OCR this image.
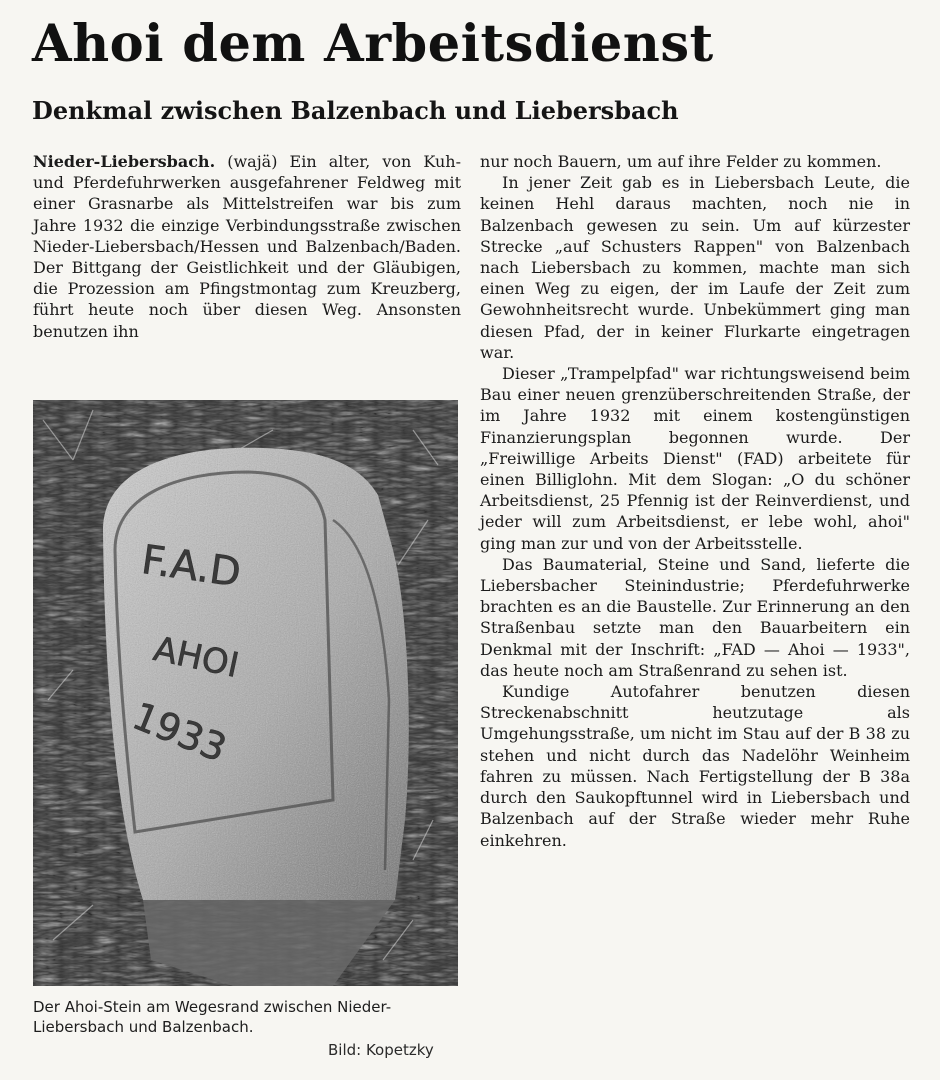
Ahoi dem Arbeitsdienst
Denkmal zwischen Balzenbach und Liebersbach

Nieder-Liebersbach. (wajä) Ein alter, von Kuh- und Pferdefuhrwerken ausgefahrener Feldweg mit einer Grasnarbe als Mittelstreifen war bis zum Jahre 1932 die einzige Verbindungsstraße zwischen Nieder-Liebersbach/Hessen und Balzenbach/Baden. Der Bittgang der Geistlichkeit und der Gläubigen, die Prozession am Pfingstmontag zum Kreuzberg, führt heute noch über diesen Weg. Ansonsten benutzen ihn

F.A.D
AHOI
1933
Der Ahoi-Stein am Wegesrand zwischen Nieder-Liebersbach und Balzenbach.
Bild: Kopetzky

nur noch Bauern, um auf ihre Felder zu kommen.

In jener Zeit gab es in Liebersbach Leute, die keinen Hehl daraus machten, noch nie in Balzenbach gewesen zu sein. Um auf kürzester Strecke „auf Schusters Rappen" von Balzenbach nach Liebersbach zu kommen, machte man sich einen Weg zu eigen, der im Laufe der Zeit zum Gewohnheitsrecht wurde. Unbekümmert ging man diesen Pfad, der in keiner Flurkarte eingetragen war.

Dieser „Trampelpfad" war richtungsweisend beim Bau einer neuen grenzüberschreitenden Straße, der im Jahre 1932 mit einem kostengünstigen Finanzierungsplan begonnen wurde. Der „Freiwillige Arbeits Dienst" (FAD) arbeitete für einen Billiglohn. Mit dem Slogan: „O du schöner Arbeitsdienst, 25 Pfennig ist der Reinverdienst, und jeder will zum Arbeitsdienst, er lebe wohl, ahoi" ging man zur und von der Arbeitsstelle.

Das Baumaterial, Steine und Sand, lieferte die Liebersbacher Steinindustrie; Pferdefuhrwerke brachten es an die Baustelle. Zur Erinnerung an den Straßenbau setzte man den Bauarbeitern ein Denkmal mit der Inschrift: „FAD — Ahoi — 1933", das heute noch am Straßenrand zu sehen ist.

Kundige Autofahrer benutzen diesen Streckenabschnitt heutzutage als Umgehungsstraße, um nicht im Stau auf der B 38 zu stehen und nicht durch das Nadelöhr Weinheim fahren zu müssen. Nach Fertigstellung der B 38a durch den Saukopftunnel wird in Liebersbach und Balzenbach auf der Straße wieder mehr Ruhe einkehren.
